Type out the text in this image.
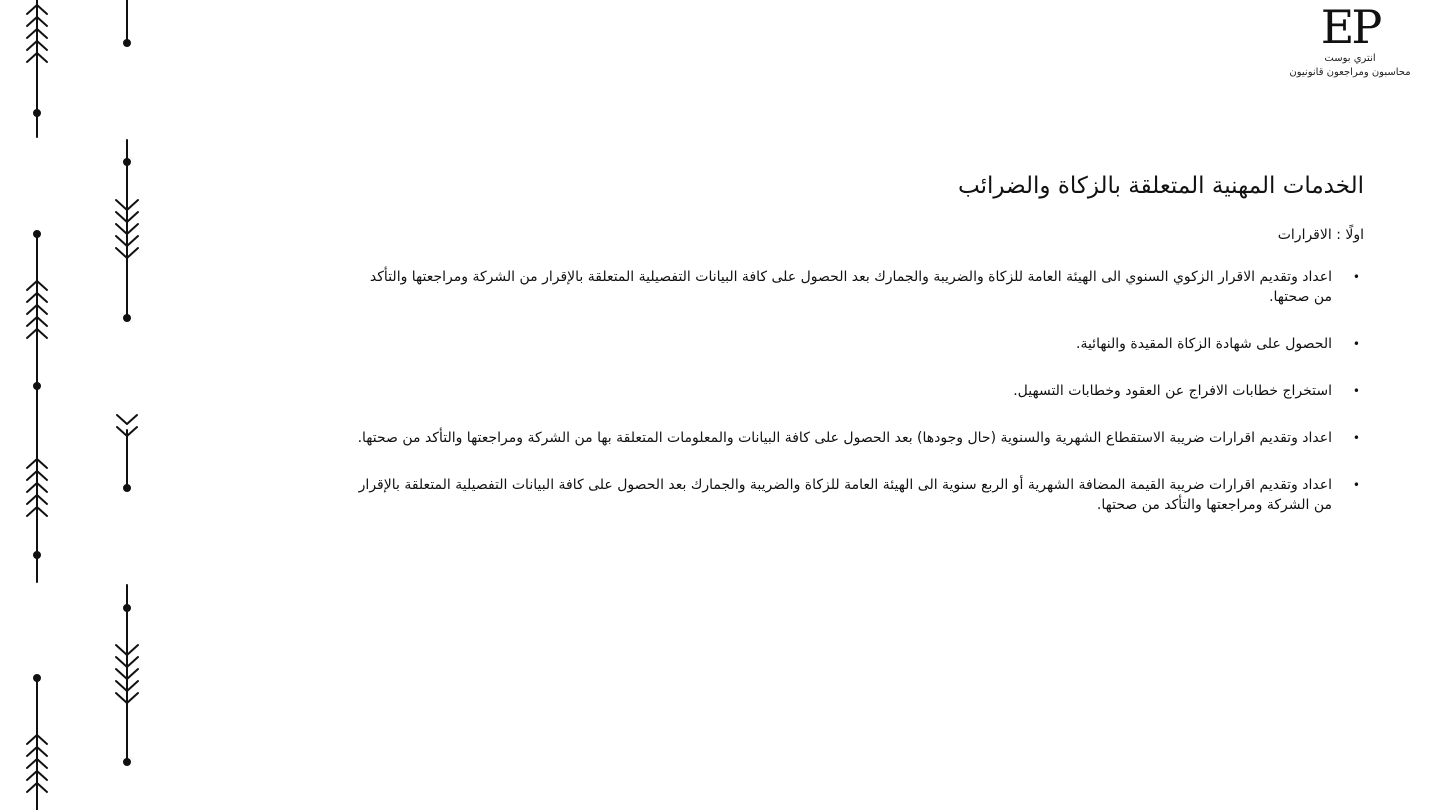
EP
انتري بوست
محاسبون ومراجعون قانونيون
الخدمات المهنية المتعلقة بالزكاة والضرائب
اولًا : الاقرارات
•
اعداد وتقديم الاقرار الزكوي السنوي الى الهيئة العامة للزكاة والضريبة والجمارك بعد الحصول على كافة البيانات التفصيلية المتعلقة بالإقرار من الشركة ومراجعتها والتأكد من صحتها.
•
الحصول على شهادة الزكاة المقيدة والنهائية.
•
استخراج خطابات الافراج عن العقود وخطابات التسهيل.
•
اعداد وتقديم اقرارات ضريبة الاستقطاع الشهرية والسنوية (حال وجودها) بعد الحصول على كافة البيانات والمعلومات المتعلقة بها من الشركة ومراجعتها والتأكد من صحتها.
•
اعداد وتقديم اقرارات ضريبة القيمة المضافة الشهرية أو الربع سنوية الى الهيئة العامة للزكاة والضريبة والجمارك بعد الحصول على كافة البيانات التفصيلية المتعلقة بالإقرار من الشركة ومراجعتها والتأكد من صحتها.
